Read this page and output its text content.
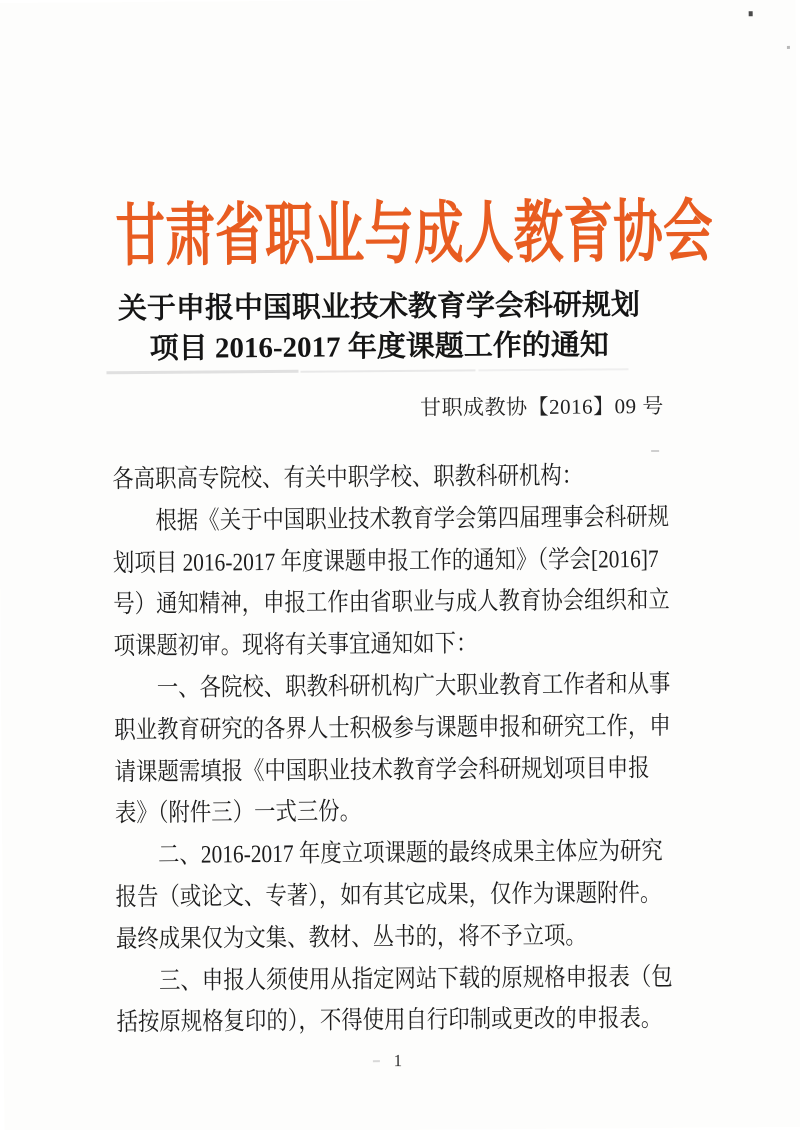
甘肃省职业与成人教育协会
关于申报中国职业技术教育学会科研规划
项目 2016-2017 年度课题工作的通知
甘职成教协【2016】09 号
各高职高专院校、有关中职学校、职教科研机构：
根据《关于中国职业技术教育学会第四届理事会科研规
划项目 2016-2017 年度课题申报工作的通知》（学会[2016]7
号）通知精神，申报工作由省职业与成人教育协会组织和立
项课题初审。现将有关事宜通知如下：
一、各院校、职教科研机构广大职业教育工作者和从事
职业教育研究的各界人士积极参与课题申报和研究工作，申
请课题需填报《中国职业技术教育学会科研规划项目申报
表》（附件三）一式三份。
二、2016-2017 年度立项课题的最终成果主体应为研究
报告（或论文、专著），如有其它成果，仅作为课题附件。
最终成果仅为文集、教材、丛书的，将不予立项。
三、申报人须使用从指定网站下载的原规格申报表（包
括按原规格复印的），不得使用自行印制或更改的申报表。
1
